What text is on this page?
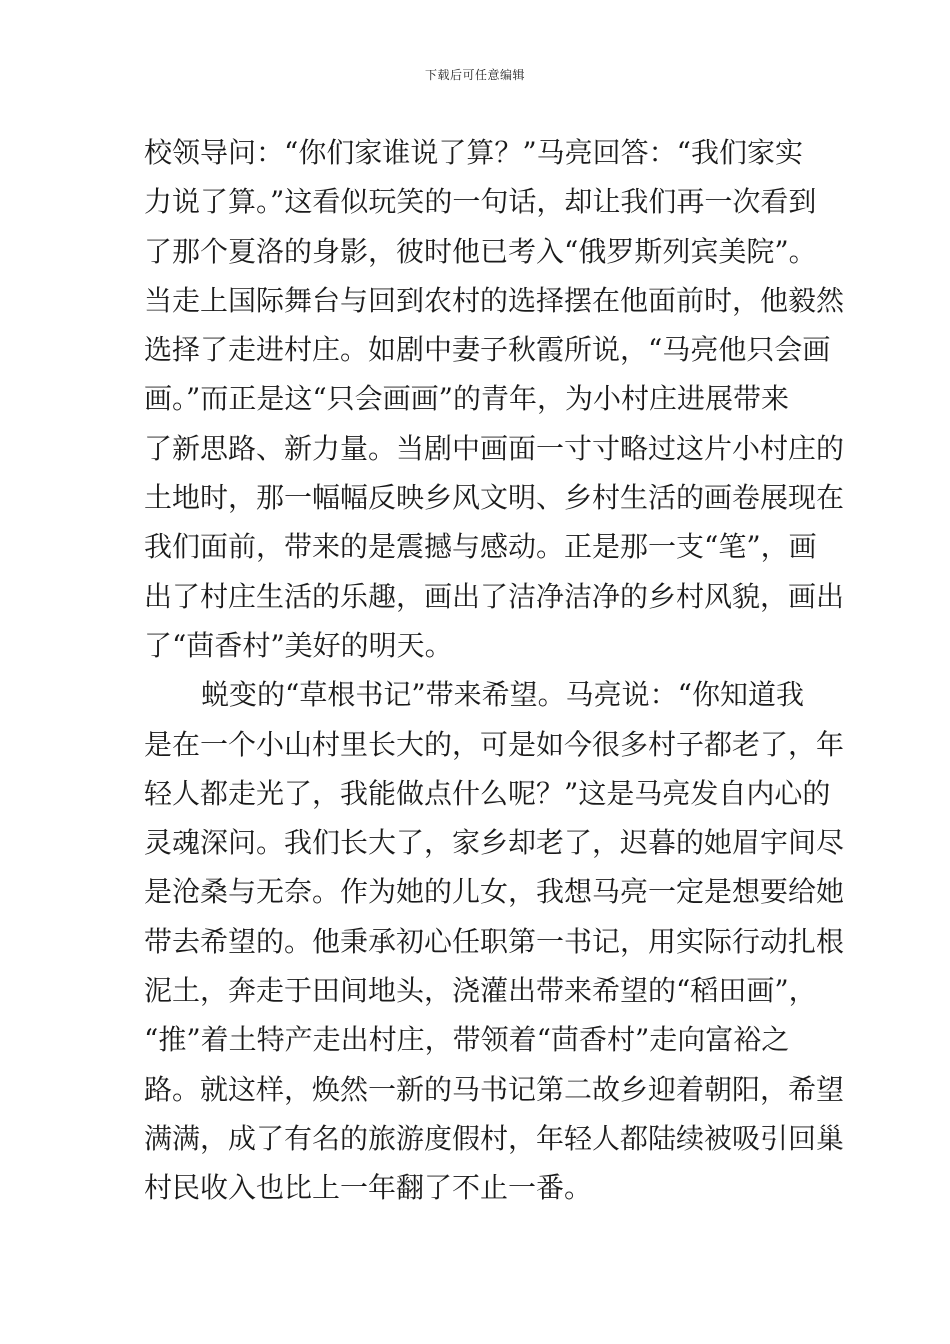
下载后可任意编辑
校领导问：“你们家谁说了算？”马亮回答：“我们家实
力说了算。”这看似玩笑的一句话，却让我们再一次看到
了那个夏洛的身影，彼时他已考入“俄罗斯列宾美院”。
当走上国际舞台与回到农村的选择摆在他面前时，他毅然
选择了走进村庄。如剧中妻子秋霞所说，“马亮他只会画
画。”而正是这“只会画画”的青年，为小村庄进展带来
了新思路、新力量。当剧中画面一寸寸略过这片小村庄的
土地时，那一幅幅反映乡风文明、乡村生活的画卷展现在
我们面前，带来的是震撼与感动。正是那一支“笔”，画
出了村庄生活的乐趣，画出了洁净洁净的乡村风貌，画出
了“茴香村”美好的明天。
蜕变的“草根书记”带来希望。马亮说：“你知道我
是在一个小山村里长大的，可是如今很多村子都老了，年
轻人都走光了，我能做点什么呢？”这是马亮发自内心的
灵魂深问。我们长大了，家乡却老了，迟暮的她眉宇间尽
是沧桑与无奈。作为她的儿女，我想马亮一定是想要给她
带去希望的。他秉承初心任职第一书记，用实际行动扎根
泥土，奔走于田间地头，浇灌出带来希望的“稻田画”，
“推”着土特产走出村庄，带领着“茴香村”走向富裕之
路。就这样，焕然一新的马书记第二故乡迎着朝阳，希望
满满，成了有名的旅游度假村，年轻人都陆续被吸引回巢
村民收入也比上一年翻了不止一番。
